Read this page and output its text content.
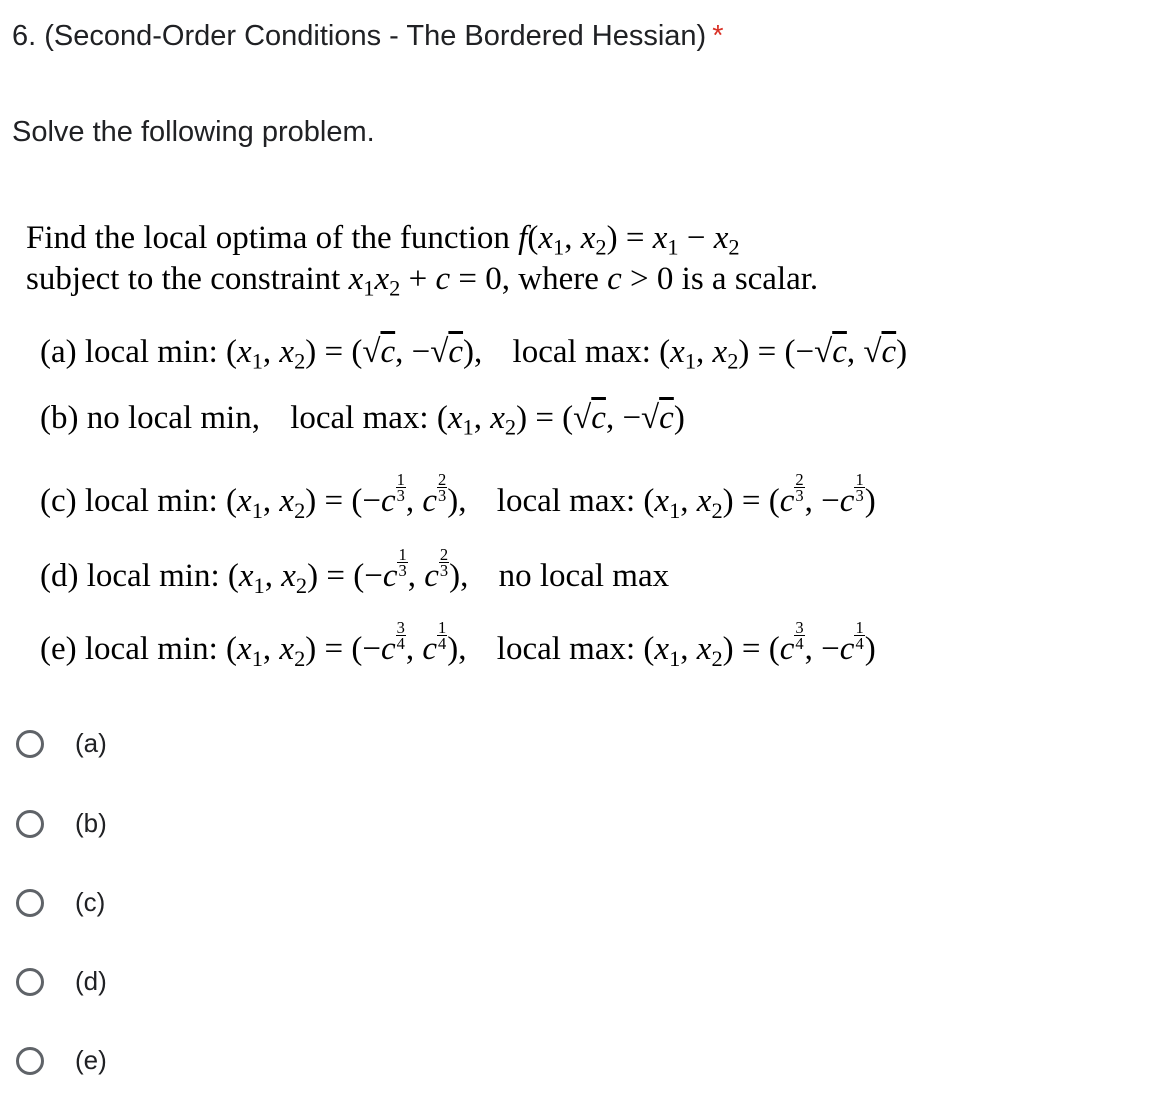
6. (Second-Order Conditions - The Bordered Hessian) *
Solve the following problem.
Find the local optima of the function $f(x_1$, $x_2) = x_1 - x_2$
subject to the constraint $x_1x_2 + c = 0$, where c > 0 is a scalar.
(a) local min: ($x_1$, $x_2) = (√c$, −√c), local max: ($x_1$, $x_2) = (-√c$, √c)
(b) no local min, local max: ($x_1$, $x_2) = (√c$, −√c)
(c) local min: ($x_1$, $x_2) = (-c \frac{1}{3}$ , c $\frac{2}{3}$ ), local max: ($x_1$, $x_2) = (c \frac{2}{3}$ , $-c \frac{1}{3}$ )
(d) local min: ($x_1$, $x_2) = (-c \frac{1}{3}$ , c $\frac{2}{3}$ ), no local max
(e) local min: ($x_1$, $x_2) = (-c \frac{3}{4}$ , c $\frac{1}{4}$ ), local max: ($x_1$, $x_2) = (c \frac{3}{4}$ , $-c \frac{1}{4}$ )
(a)
(b)
(c)
(d)
(e)
